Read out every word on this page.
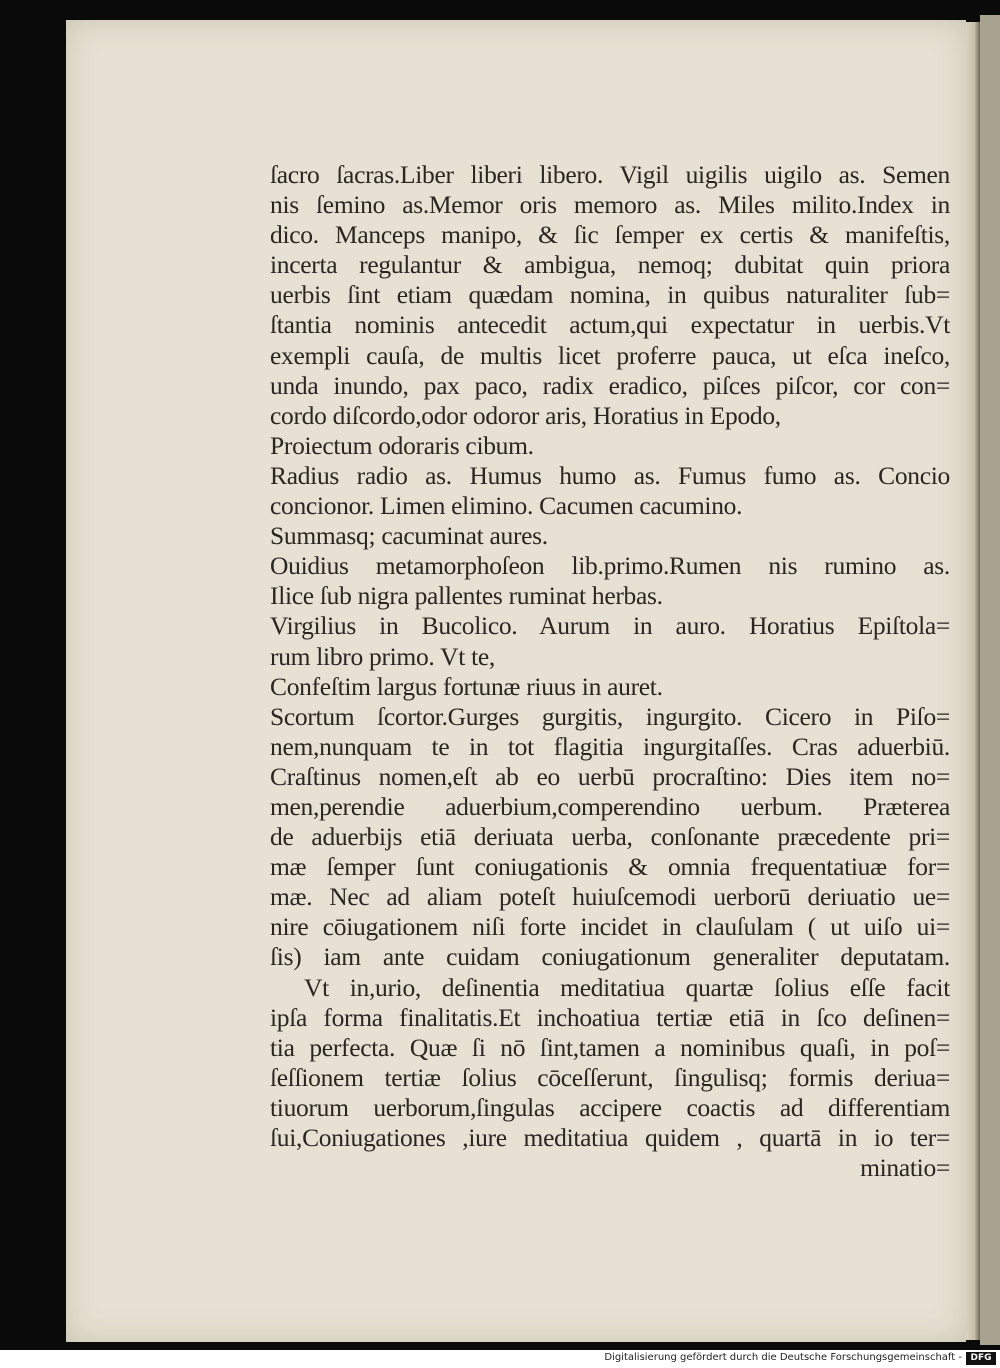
ſacro ſacras.Liber liberi libero. Vigil uigilis uigilo as. Semen
nis ſemino as.Memor oris memoro as. Miles milito.Index in
dico. Manceps manipo, & ſic ſemper ex certis & manifeſtis,
incerta regulantur & ambigua, nemoq; dubitat quin priora
uerbis ſint etiam quædam nomina, in quibus naturaliter ſub=
ſtantia nominis antecedit actum,qui expectatur in uerbis.Vt
exempli cauſa, de multis licet proferre pauca, ut eſca ineſco,
unda inundo, pax paco, radix eradico, piſces piſcor, cor con=
cordo diſcordo,odor odoror aris, Horatius in Epodo,
Proiectum odoraris cibum.
Radius radio as. Humus humo as. Fumus fumo as. Concio
concionor. Limen elimino. Cacumen cacumino.
Summasq; cacuminat aures.
Ouidius metamorphoſeon lib.primo.Rumen nis rumino as.
Ilice ſub nigra pallentes ruminat herbas.
Virgilius in Bucolico. Aurum in auro. Horatius Epiſtola=
rum libro primo. Vt te,
Confeſtim largus fortunæ riuus in auret.
Scortum ſcortor.Gurges gurgitis, ingurgito. Cicero in Piſo=
nem,nunquam te in tot flagitia ingurgitaſſes. Cras aduerbiū.
Craſtinus nomen,eſt ab eo uerbū procraſtino: Dies item no=
men,perendie aduerbium,comperendino uerbum. Præterea
de aduerbijs etiā deriuata uerba, conſonante præcedente pri=
mæ ſemper ſunt coniugationis & omnia frequentatiuæ for=
mæ. Nec ad aliam poteſt huiuſcemodi uerborū deriuatio ue=
nire cōiugationem niſi forte incidet in clauſulam ( ut uiſo ui=
ſis) iam ante cuidam coniugationum generaliter deputatam.
Vt in,urio, deſinentia meditatiua quartæ ſolius eſſe facit
ipſa forma finalitatis.Et inchoatiua tertiæ etiā in ſco deſinen=
tia perfecta. Quæ ſi nō ſint,tamen a nominibus quaſi, in poſ=
ſeſſionem tertiæ ſolius cōceſſerunt, ſingulisq; formis deriua=
tiuorum uerborum,ſingulas accipere coactis ad differentiam
ſui,Coniugationes ,iure meditatiua quidem , quartā in io ter=
minatio=
Digitalisierung gefördert durch die Deutsche Forschungsgemeinschaft - DFG
